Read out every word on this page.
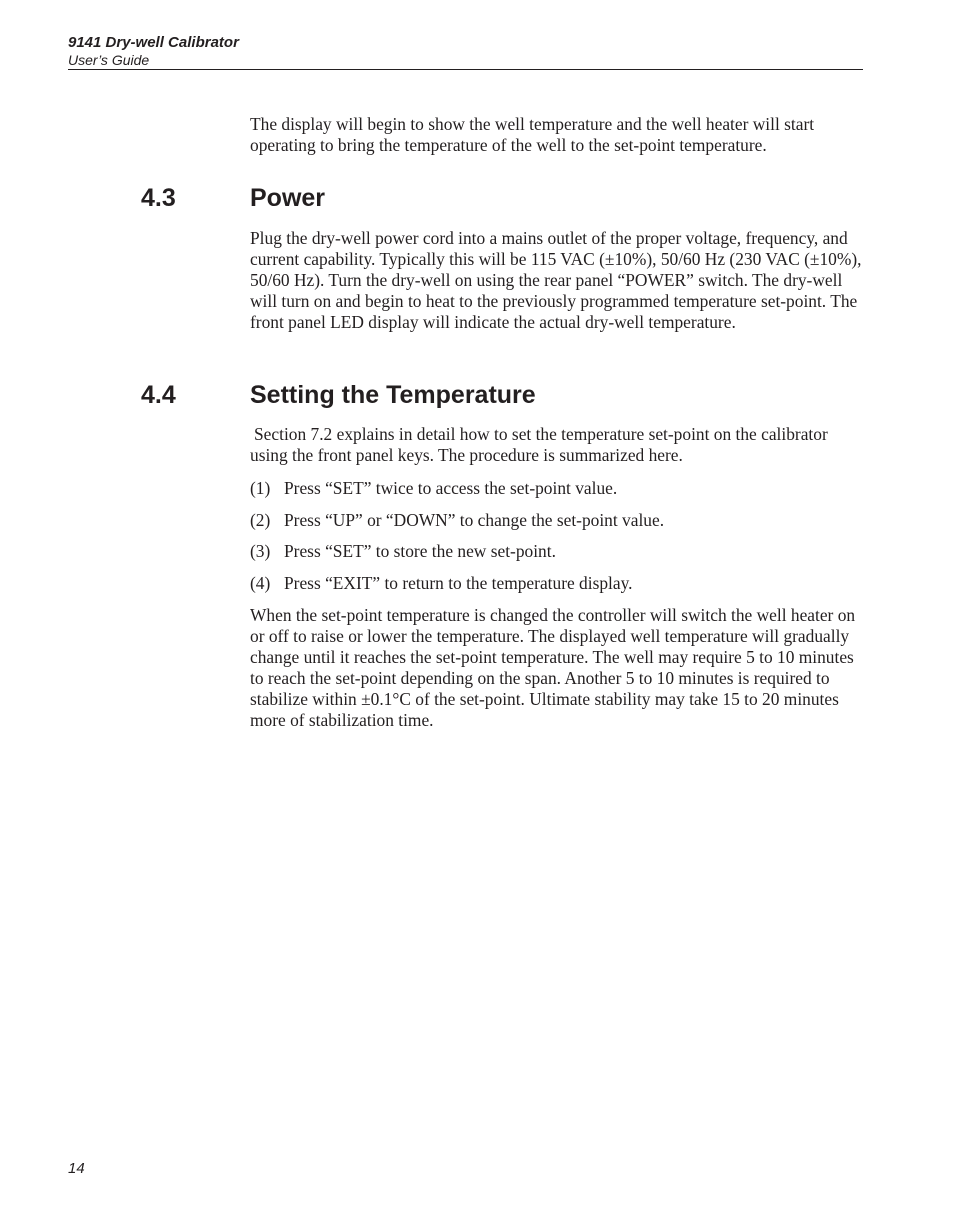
9141 Dry-well Calibrator
User’s Guide

The display will begin to show the well temperature and the well heater will start operating to bring the temperature of the well to the set-point temperature.

4.3	Power

Plug the dry-well power cord into a mains outlet of the proper voltage, frequency, and current capability. Typically this will be 115 VAC (±10%), 50/60 Hz (230 VAC (±10%), 50/60 Hz). Turn the dry-well on using the rear panel “POWER” switch. The dry-well will turn on and begin to heat to the previously programmed temperature set-point. The front panel LED display will indicate the actual dry-well temperature.

4.4	Setting the Temperature

Section 7.2 explains in detail how to set the temperature set-point on the calibrator using the front panel keys. The procedure is summarized here.

(1) Press “SET” twice to access the set-point value.
(2) Press “UP” or “DOWN” to change the set-point value.
(3) Press “SET” to store the new set-point.
(4) Press “EXIT” to return to the temperature display.

When the set-point temperature is changed the controller will switch the well heater on or off to raise or lower the temperature. The displayed well temperature will gradually change until it reaches the set-point temperature. The well may require 5 to 10 minutes to reach the set-point depending on the span. Another 5 to 10 minutes is required to stabilize within ±0.1°C of the set-point. Ultimate stability may take 15 to 20 minutes more of stabilization time.

14
